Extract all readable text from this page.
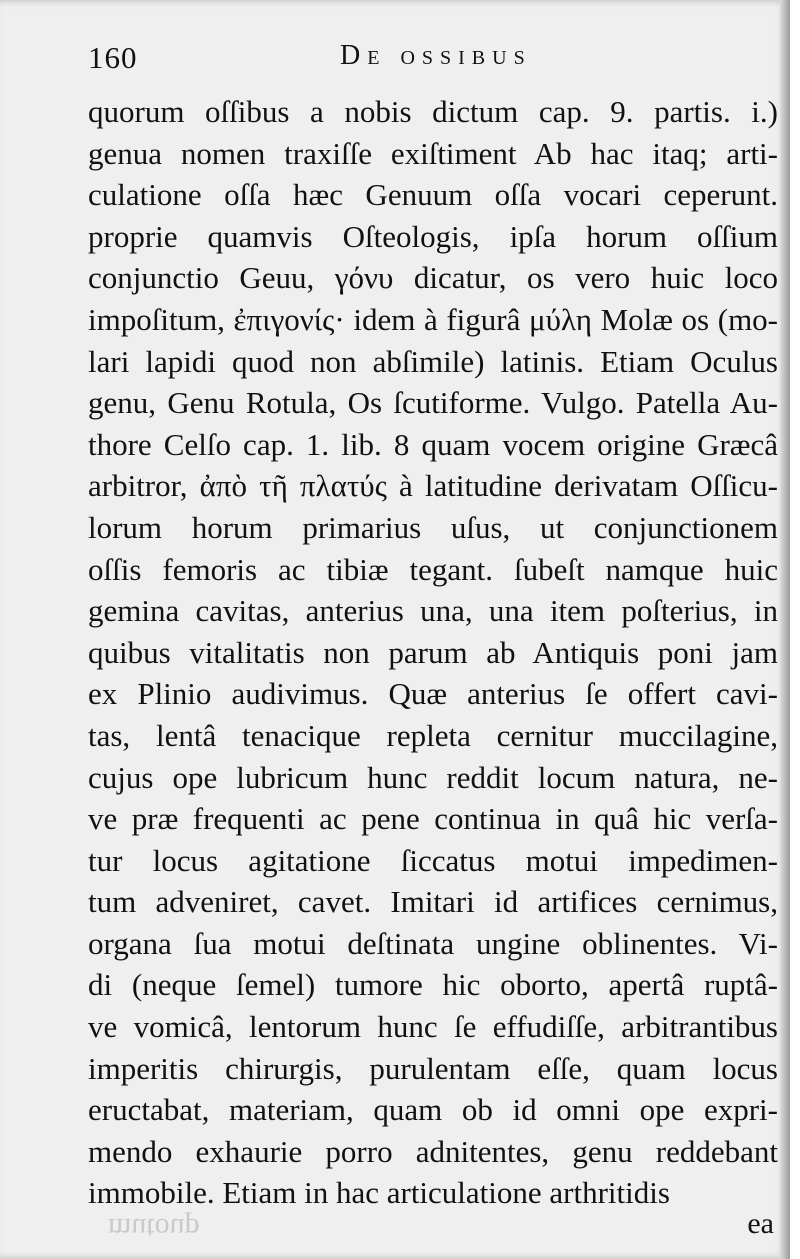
160	De ossibus
quorum oſſibus a nobis dictum cap. 9. partis. i.)
genua nomen traxiſſe exiſtiment Ab hac itaq; arti-
culatione oſſa hæc Genuum oſſa vocari ceperunt.
proprie quamvis Oſteologis, ipſa horum oſſium
conjunctio Geuu, γόνυ dicatur, os vero huic loco
impoſitum, ἐπιγονίς· idem à figurâ μύλη Molæ os (mo-
lari lapidi quod non abſimile) latinis. Etiam Oculus
genu, Genu Rotula, Os ſcutiforme. Vulgo. Patella Au-
thore Celſo cap. 1. lib. 8 quam vocem origine Græcâ
arbitror, ἀπὸ τῆ πλατύς à latitudine derivatam Oſſicu-
lorum horum primarius uſus, ut conjunctionem
oſſis femoris ac tibiæ tegant. ſubeſt namque huic
gemina cavitas, anterius una, una item poſterius, in
quibus vitalitatis non parum ab Antiquis poni jam
ex Plinio audivimus. Quæ anterius ſe offert cavi-
tas, lentâ tenacique repleta cernitur muccilagine,
cujus ope lubricum hunc reddit locum natura, ne-
ve præ frequenti ac pene continua in quâ hic verſa-
tur locus agitatione ſiccatus motui impedimen-
tum adveniret, cavet. Imitari id artifices cernimus,
organa ſua motui deſtinata ungine oblinentes. Vi-
di (neque ſemel) tumore hic oborto, apertâ ruptâ-
ve vomicâ, lentorum hunc ſe effudiſſe, arbitrantibus
imperitis chirurgis, purulentam eſſe, quam locus
eructabat, materiam, quam ob id omni ope expri-
mendo exhaurie porro adnitentes, genu reddebant
immobile. Etiam in hac articulatione arthritidis
mutoup	ea
